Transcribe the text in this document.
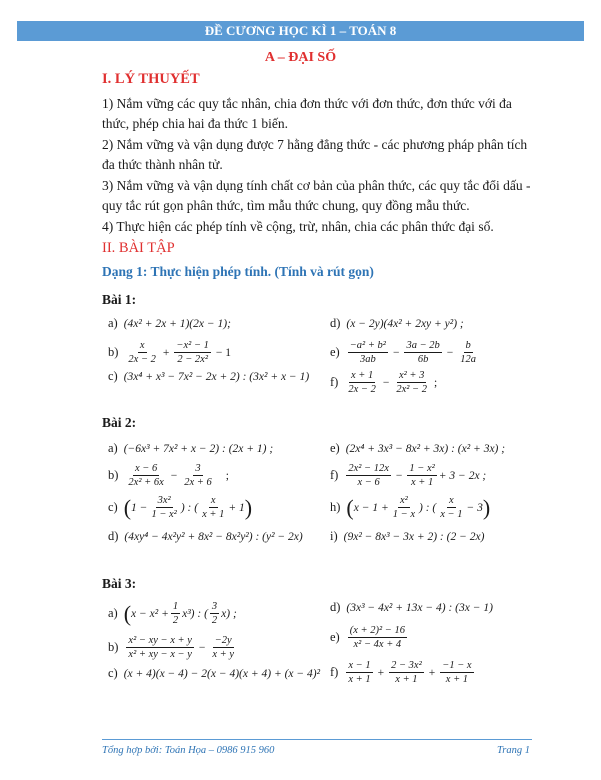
ĐỀ CƯƠNG HỌC KÌ 1 – TOÁN 8
A – ĐẠI SỐ
I. LÝ THUYẾT
1) Nắm vững các quy tắc nhân, chia đơn thức với đơn thức, đơn thức với đa thức, phép chia hai đa thức 1 biến.
2) Nắm vững và vận dụng được 7 hằng đẳng thức - các phương pháp phân tích đa thức thành nhân tử.
3) Nắm vững và vận dụng tính chất cơ bản của phân thức, các quy tắc đổi dấu - quy tắc rút gọn phân thức, tìm mẫu thức chung, quy đồng mẫu thức.
4) Thực hiện các phép tính về cộng, trừ, nhân, chia các phân thức đại số.
II. BÀI TẬP
Dạng 1: Thực hiện phép tính. (Tính và rút gọn)
Bài 1:
a) (4x² + 2x + 1)(2x − 1);
$b) \frac{x}{2x - 2} + \frac{\text{−x² − 1}}{\text{2 − 2x²}} - 1$
c) (3x⁴ + x³ − 7x² − 2x + 2) : (3x² + x − 1)
d) (x − 2y)(4x² + 2xy + y²) ;
$e) \frac{\text{−a² + b²}}{3ab} - \frac{3a - 2b}{6b} - \frac{b}{12a}$
$f) \frac{x + 1}{2x - 2} - \frac{\text{x² + 3}}{\text{2x² − 2}}$ ;
Bài 2:
a) (−6x³ + 7x² + x − 2) : (2x + 1) ;
$b) \frac{x - 6}{\text{2x² + 6x}} - \frac{3}{2x + 6}$ ;
c) ( $1 - \frac{\text{3x²}}{\text{1 − x²}}$ ) : ( $\frac{x}{x + 1} + 1$ )
d) (4xy⁴ − 4x²y² + 8x² − 8x²y²) : (y² − 2x)
e) (2x⁴ + 3x³ − 8x² + 3x) : (x² + 3x) ;
$f) \frac{\text{2x² − 12x}}{x - 6} - \frac{\text{1 − x²}}{x + 1} + 3 - 2x$ ;
h) ( $x - 1 + \frac{\text{x²}}{1 - x}$ ) : ( $\frac{x}{x - 1} - 3$ )
i) (9x² − 8x³ − 3x + 2) : (2 − 2x)
Bài 3:
a) ( $x - x^2 + \frac{1}{2} x^3$) : ( $\frac{3}{2} x$) ;
$b) \frac{\text{x² − xy − x + y}}{\text{x² + xy − x − y}} - \frac{-2y}{x + y}$
c) (x + 4)(x − 4) − 2(x − 4)(x + 4) + (x − 4)²
d) (3x³ − 4x² + 13x − 4) : (3x − 1)
$e) \frac{\text{(x + 2)² − 16}}{\text{x² − 4x + 4}}$
$f) \frac{x - 1}{x + 1} + \frac{\text{2 − 3x²}}{x + 1} + \frac{-1 - x}{x + 1}$
Tổng hợp bởi: Toán Họa – 0986 915 960	Trang 1
